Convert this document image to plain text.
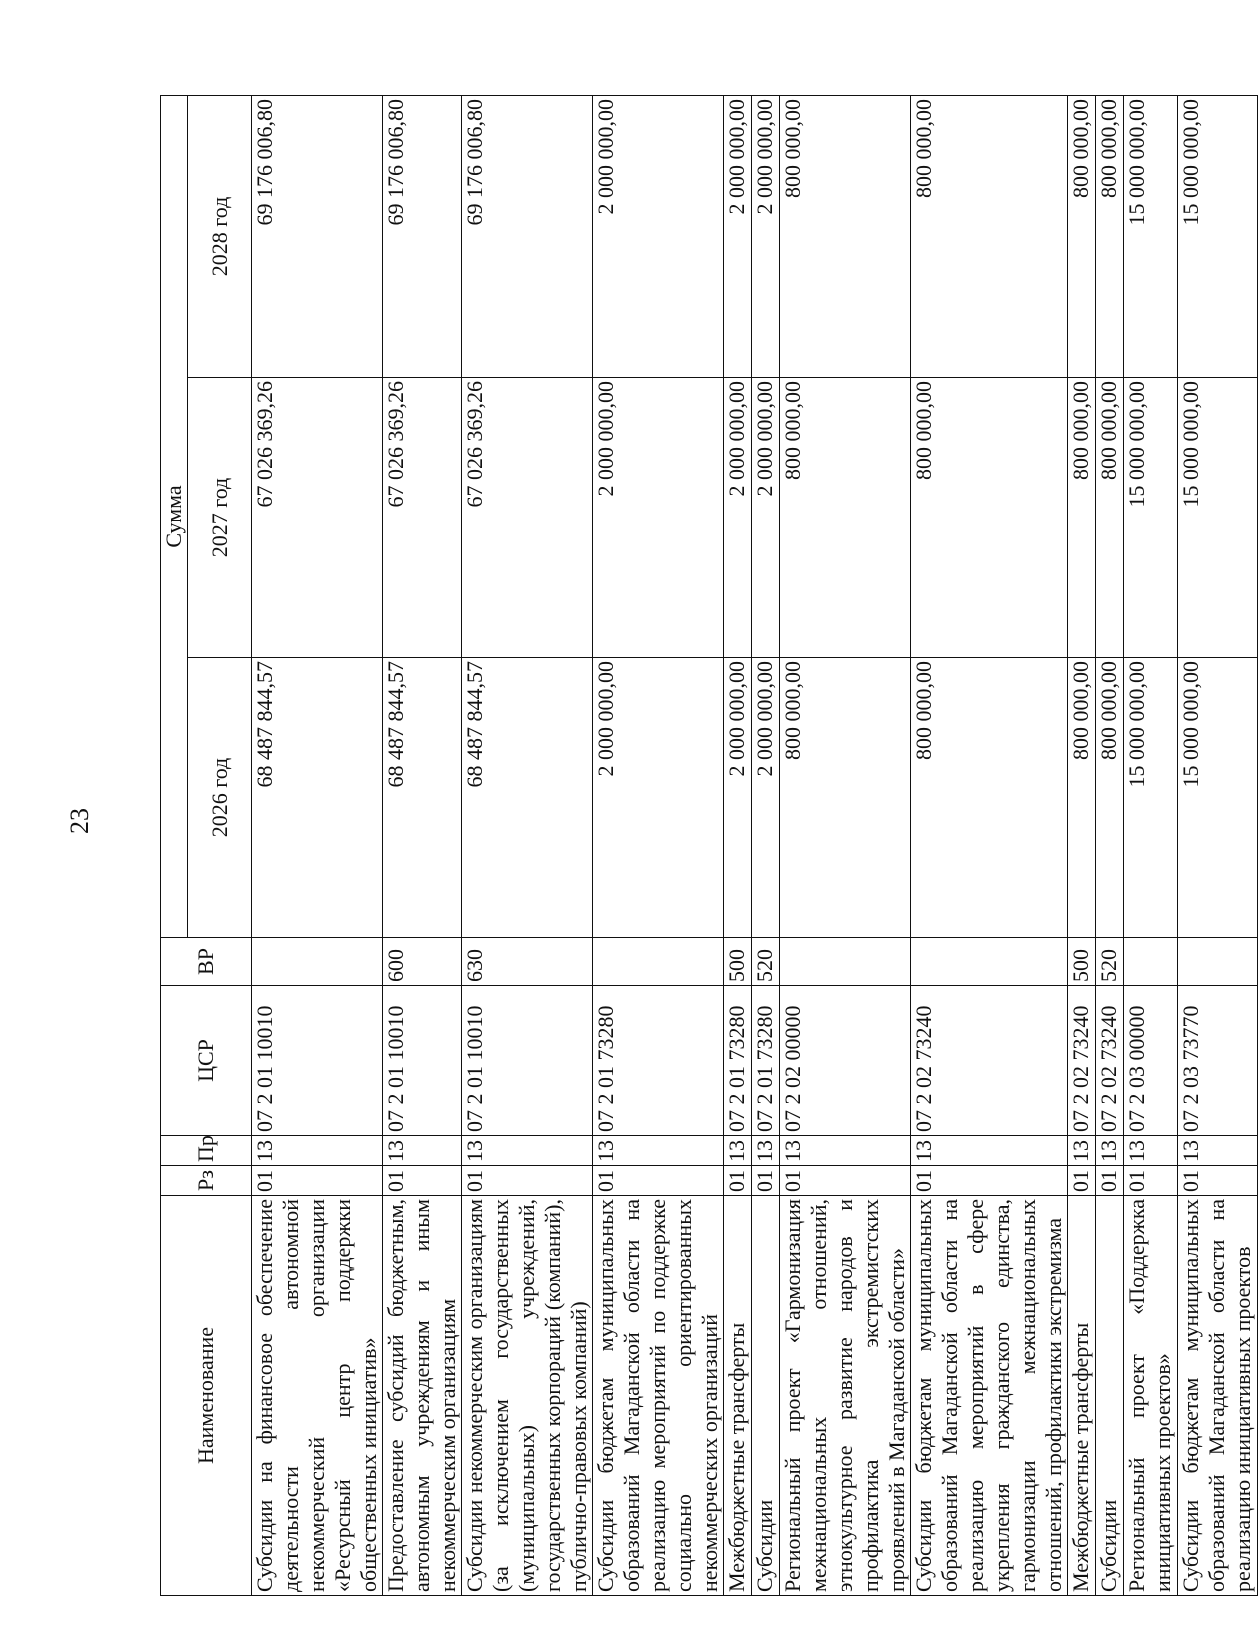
23
Наименование	Рз	Пр	ЦСР	ВР	Сумма		
					2026 год	2027 год	2028 год
Субсидии на финансовое обеспечение деятельности автономной некоммерческий организации «Ресурсный центр поддержки общественных инициатив»	01	13	07 2 01 10010		68 487 844,57	67 026 369,26	69 176 006,80
Предоставление субсидий бюджетным, автономным учреждениям и иным некоммерческим организациям	01	13	07 2 01 10010	600	68 487 844,57	67 026 369,26	69 176 006,80
Субсидии некоммерческим организациям (за исключением государственных (муниципальных) учреждений, государственных корпораций (компаний), публично-правовых компаний)	01	13	07 2 01 10010	630	68 487 844,57	67 026 369,26	69 176 006,80
Субсидии бюджетам муниципальных образований Магаданской области на реализацию мероприятий по поддержке социально ориентированных некоммерческих организаций	01	13	07 2 01 73280		2 000 000,00	2 000 000,00	2 000 000,00
Межбюджетные трансферты	01	13	07 2 01 73280	500	2 000 000,00	2 000 000,00	2 000 000,00
Субсидии	01	13	07 2 01 73280	520	2 000 000,00	2 000 000,00	2 000 000,00
Региональный проект «Гармонизация межнациональных отношений, этнокультурное развитие народов и профилактика экстремистских проявлений в Магаданской области»	01	13	07 2 02 00000		800 000,00	800 000,00	800 000,00
Субсидии бюджетам муниципальных образований Магаданской области на реализацию мероприятий в сфере укрепления гражданского единства, гармонизации межнациональных отношений, профилактики экстремизма	01	13	07 2 02 73240		800 000,00	800 000,00	800 000,00
Межбюджетные трансферты	01	13	07 2 02 73240	500	800 000,00	800 000,00	800 000,00
Субсидии	01	13	07 2 02 73240	520	800 000,00	800 000,00	800 000,00
Региональный проект «Поддержка инициативных проектов»	01	13	07 2 03 00000		15 000 000,00	15 000 000,00	15 000 000,00
Субсидии бюджетам муниципальных образований Магаданской области на реализацию инициативных проектов	01	13	07 2 03 73770		15 000 000,00	15 000 000,00	15 000 000,00
